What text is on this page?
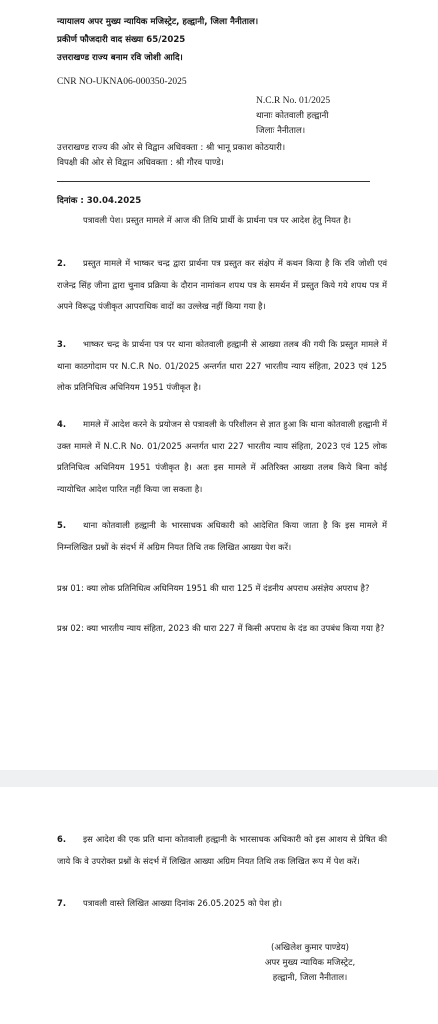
न्यायालय अपर मुख्य न्यायिक मजिस्ट्रेट, हल्द्वानी, जिला नैनीताल।
प्रकीर्ण फौजदारी वाद संख्या 65/2025
उत्तराखण्ड राज्य बनाम रवि जोशी आदि।
CNR NO-UKNA06-000350-2025
N.C.R No. 01/2025
थानाः कोतवाली हल्द्वानी
जिलाः नैनीताल।
उत्तराखण्ड राज्य की ओर से विद्वान अधिवक्ता : श्री भानू प्रकाश कोठयारी।
विपक्षी की ओर से विद्वान अधिवक्ता : श्री गौरव पाण्डे।
दिनांक : 30.04.2025
पत्रावली पेश। प्रस्तुत मामले में आज की तिथि प्रार्थी के प्रार्थना पत्र पर आदेश हेतु नियत है।
2. प्रस्तुत मामले में भाष्कर चन्द्र द्वारा प्रार्थना पत्र प्रस्तुत कर संक्षेप में कथन किया है कि रवि जोशी एवं राजेन्द्र सिंह जीना द्वारा चुनाव प्रक्रिया के दौरान नामांकन शपथ पत्र के समर्थन में प्रस्तुत किये गये शपथ पत्र में अपने विरूद्ध पंजीकृत आपराधिक वादों का उल्लेख नहीं किया गया है।
3. भाष्कर चन्द्र के प्रार्थना पत्र पर थाना कोतवाली हल्द्वानी से आख्या तलब की गयी कि प्रस्तुत मामले में थाना काठगोदाम पर N.C.R No. 01/2025 अन्तर्गत धारा 227 भारतीय न्याय संहिता, 2023 एवं 125 लोक प्रतिनिधित्व अधिनियम 1951 पंजीकृत है।
4. मामले में आदेश करने के प्रयोजन से पत्रावली के परिशीलन से ज्ञात हुआ कि थाना कोतवाली हल्द्वानी में उक्त मामले में N.C.R No. 01/2025 अन्तर्गत धारा 227 भारतीय न्याय संहिता, 2023 एवं 125 लोक प्रतिनिधित्व अधिनियम 1951 पंजीकृत है। अतः इस मामले में अतिरिक्त आख्या तलब किये बिना कोई न्यायोचित आदेश पारित नहीं किया जा सकता है।
5. थाना कोतवाली हल्द्वानी के भारसाधक अधिकारी को आदेशित किया जाता है कि इस मामले में निम्नलिखित प्रश्नों के संदर्भ में अग्रिम नियत तिथि तक लिखित आख्या पेश करें।
प्रश्न 01: क्या लोक प्रतिनिधित्व अधिनियम 1951 की धारा 125 में दंडनीय अपराध असंज्ञेय अपराध है?
प्रश्न 02: क्या भारतीय न्याय संहिता, 2023 की धारा 227 में किसी अपराध के दंड का उपबंध किया गया है?
6. इस आदेश की एक प्रति थाना कोतवाली हल्द्वानी के भारसाधक अधिकारी को इस आशय से प्रेषित की जाये कि वे उपरोक्त प्रश्नों के संदर्भ में लिखित आख्या अग्रिम नियत तिथि तक लिखित रूप में पेश करें।
7. पत्रावली वास्ते लिखित आख्या दिनांक 26.05.2025 को पेश हो।
(अखिलेश कुमार पाण्डेय)
अपर मुख्य न्यायिक मजिस्ट्रेट,
हल्द्वानी, जिला नैनीताल।
